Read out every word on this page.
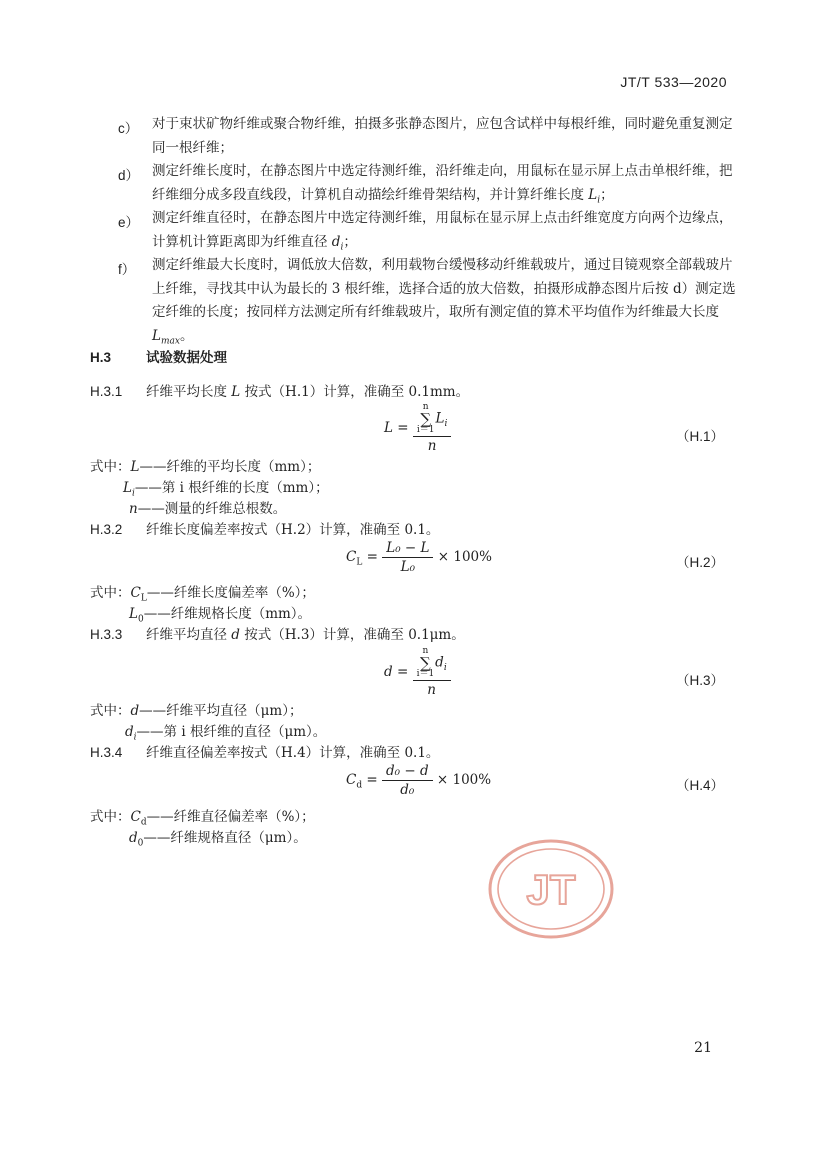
JT/T 533—2020
c） 对于束状矿物纤维或聚合物纤维，拍摄多张静态图片，应包含试样中每根纤维，同时避免重复测定同一根纤维；
d） 测定纤维长度时，在静态图片中选定待测纤维，沿纤维走向，用鼠标在显示屏上点击单根纤维，把纤维细分成多段直线段，计算机自动描绘纤维骨架结构，并计算纤维长度 $L_i$；
e） 测定纤维直径时，在静态图片中选定待测纤维，用鼠标在显示屏上点击纤维宽度方向两个边缘点，计算机计算距离即为纤维直径 $d_i$；
f） 测定纤维最大长度时，调低放大倍数，利用载物台缓慢移动纤维载玻片，通过目镜观察全部载玻片上纤维，寻找其中认为最长的 3 根纤维，选择合适的放大倍数，拍摄形成静态图片后按 d）测定选定纤维的长度；按同样方法测定所有纤维载玻片，取所有测定值的算术平均值作为纤维最大长度 $L_{max}$。
H.3	试验数据处理
H.3.1 纤维平均长度 L 按式（H.1）计算，准确至 0.1mm。
L = n
∑
$i=1L_i$
n	（H.1）
式中：L——纤维的平均长度（mm）；
$L_i——$第 i 根纤维的长度（mm）；
n——测量的纤维总根数。
H.3.2 纤维长度偏差率按式（H.2）计算，准确至 0.1。
$C_L = \frac{\text{L₀ − L}}{\text{L₀}} \times 100\%$	（H.2）
式中：$C_L——$纤维长度偏差率（%）；
$L_0——$纤维规格长度（mm）。
H.3.3 纤维平均直径 d 按式（H.3）计算，准确至 0.1μm。
d = n
∑
$i=1d_i$
n	（H.3）
式中：d——纤维平均直径（μm）；
$d_i——$第 i 根纤维的直径（μm）。
H.3.4 纤维直径偏差率按式（H.4）计算，准确至 0.1。
$C_d = \frac{\text{d₀ − d}}{\text{d₀}} \times 100\%$	（H.4）
式中：$C_d——$纤维直径偏差率（%）；
$d_0——$纤维规格直径（μm）。
JT
21
